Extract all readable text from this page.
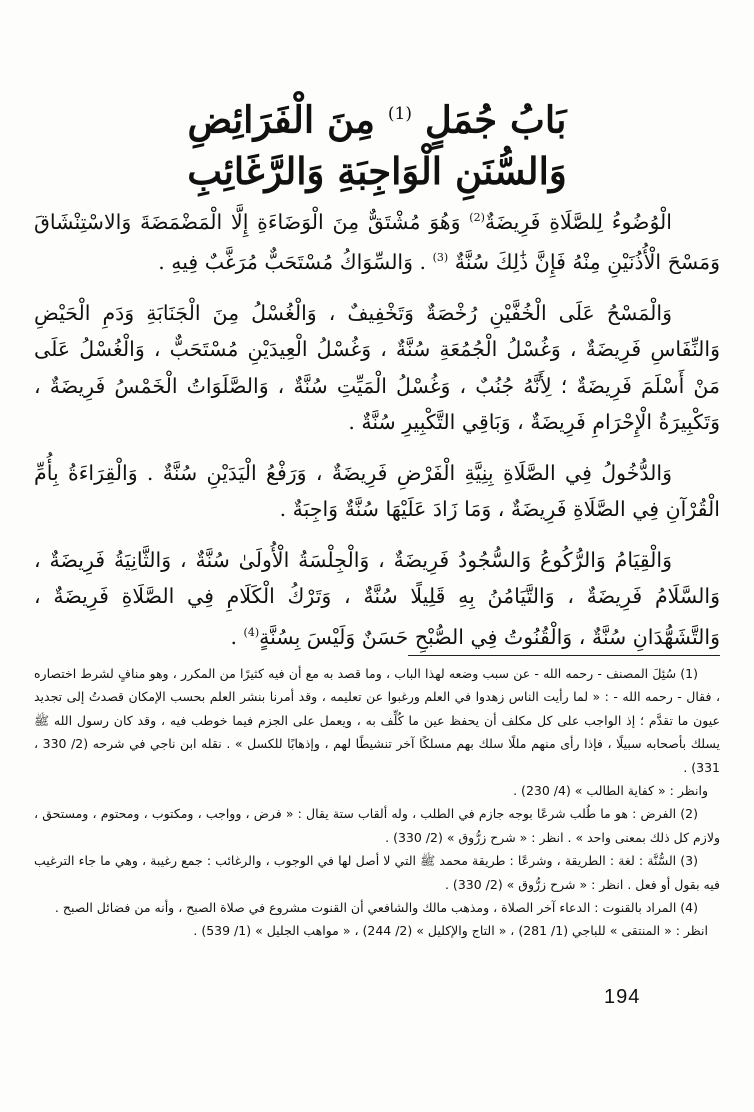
بَابُ جُمَلٍ $^{(1)}$ مِنَ الْفَرَائِضِ
وَالسُّنَنِ الْوَاجِبَةِ وَالرَّغَائِبِ

الْوُضُوءُ لِلصَّلَاةِ فَرِيضَةٌ$^{(2)}$ وَهُوَ مُشْتَقٌّ مِنَ الْوَضَاءَةِ إِلَّا الْمَضْمَضَةَ وَالاسْتِنْشَاقَ وَمَسْحَ الْأُذُنَيْنِ مِنْهُ فَإِنَّ ذَٰلِكَ سُنَّةٌ $^{(3)}$ . وَالسِّوَاكُ مُسْتَحَبٌّ مُرَغَّبٌ فِيهِ .

وَالْمَسْحُ عَلَى الْخُفَّيْنِ رُخْصَةٌ وَتَخْفِيفٌ ، وَالْغُسْلُ مِنَ الْجَنَابَةِ وَدَمِ الْحَيْضِ وَالنِّفَاسِ فَرِيضَةٌ ، وَغُسْلُ الْجُمُعَةِ سُنَّةٌ ، وَغُسْلُ الْعِيدَيْنِ مُسْتَحَبٌّ ، وَالْغُسْلُ عَلَى مَنْ أَسْلَمَ فَرِيضَةٌ ؛ لِأَنَّهُ جُنُبٌ ، وَغُسْلُ الْمَيِّتِ سُنَّةٌ ، وَالصَّلَوَاتُ الْخَمْسُ فَرِيضَةٌ ، وَتَكْبِيرَةُ الْإِحْرَامِ فَرِيضَةٌ ، وَبَاقِي التَّكْبِيرِ سُنَّةٌ .

وَالدُّخُولُ فِي الصَّلَاةِ بِنِيَّةِ الْفَرْضِ فَرِيضَةٌ ، وَرَفْعُ الْيَدَيْنِ سُنَّةٌ . وَالْقِرَاءَةُ بِأُمِّ الْقُرْآنِ فِي الصَّلَاةِ فَرِيضَةٌ ، وَمَا زَادَ عَلَيْهَا سُنَّةٌ وَاجِبَةٌ .

وَالْقِيَامُ وَالرُّكُوعُ وَالسُّجُودُ فَرِيضَةٌ ، وَالْجِلْسَةُ الْأُولَىٰ سُنَّةٌ ، وَالثَّانِيَةُ فَرِيضَةٌ ، وَالسَّلَامُ فَرِيضَةٌ ، وَالتَّيَامُنُ بِهِ قَلِيلًا سُنَّةٌ ، وَتَرْكُ الْكَلَامِ فِي الصَّلَاةِ فَرِيضَةٌ ، وَالتَّشَهُّدَانِ سُنَّةٌ ، وَالْقُنُوتُ فِي الصُّبْحِ حَسَنٌ وَلَيْسَ بِسُنَّةٍ$^{(4)}$ .

(1) سُئِلَ المصنف - رحمه الله - عن سبب وضعه لهذا الباب ، وما قصد به مع أن فيه كثيرًا من المكرر ، وهو منافٍ لشرط اختصاره ، فقال - رحمه الله - : « لما رأيت الناس زهدوا في العلم ورغبوا عن تعليمه ، وقد أمرنا بنشر العلم بحسب الإمكان قصدتُ إلى تجديد عيون ما تقدَّم ؛ إذ الواجب على كل مكلف أن يحفظ عين ما كُلِّف به ، ويعمل على الجزم فيما خوطب فيه ، وقد كان رسول الله ﷺ يسلك بأصحابه سبيلًا ، فإذا رأى منهم مللًا سلك بهم مسلكًا آخر تنشيطًا لهم ، وإذهابًا للكسل » . نقله ابن ناجي في شرحه (2/ 330 ، 331) .

وانظر : « كفاية الطالب » (4/ 230) .

(2) الفرض : هو ما طُلب شرعًا بوجه جازم في الطلب ، وله ألقاب ستة يقال : « فرض ، وواجب ، ومكتوب ، ومحتوم ، ومستحق ، ولازم كل ذلك بمعنى واحد » . انظر : « شرح زرُّوق » (2/ 330) .

(3) السُّنَّة : لغة : الطريقة ، وشرعًا : طريقة محمد ﷺ التي لا أصل لها في الوجوب ، والرغائب : جمع رغيبة ، وهي ما جاء الترغيب فيه بقول أو فعل . انظر : « شرح زرُّوق » (2/ 330) .

(4) المراد بالقنوت : الدعاء آخر الصلاة ، ومذهب مالك والشافعي أن القنوت مشروع في صلاة الصبح ، وأنه من فضائل الصبح .

انظر : « المنتقى » للباجي (1/ 281) ، « التاج والإكليل » (2/ 244) ، « مواهب الجليل » (1/ 539) .

194
